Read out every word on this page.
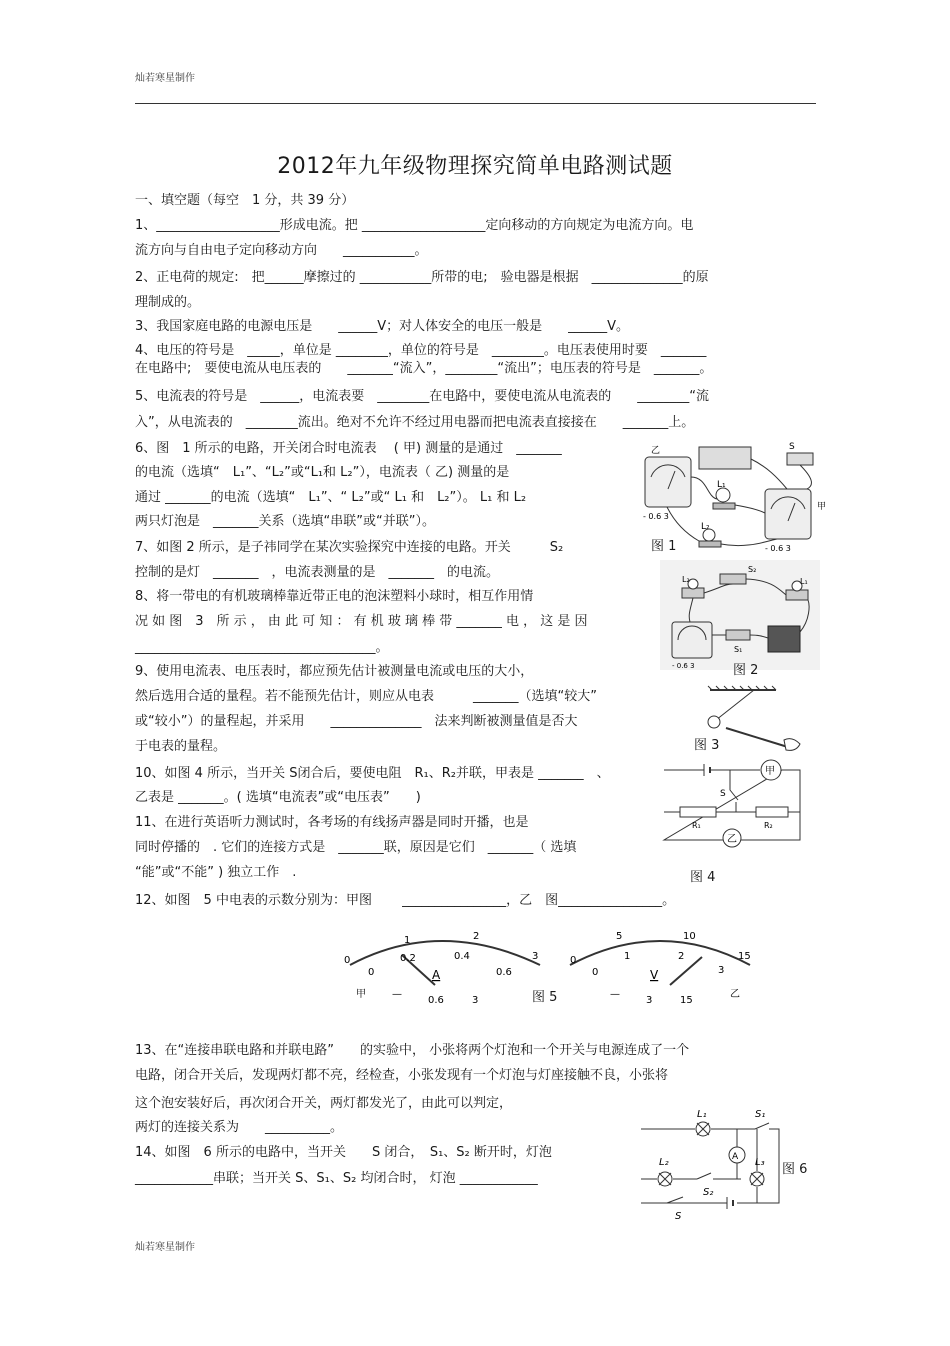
灿若寒星制作
2012年九年级物理探究简单电路测试题
一、填空题（每空　1 分，共 39 分）
1、___________________形成电流。把 ___________________定向移动的方向规定为电流方向。电
流方向与自由电子定向移动方向　　___________。
2、正电荷的规定:　把______摩擦过的 ___________所带的电;　验电器是根据　______________的原
理制成的。
3、我国家庭电路的电源电压是　　______V；对人体安全的电压一般是　　______V。
4、电压的符号是　_____，单位是 ________，单位的符号是　________。电压表使用时要　_______
在电路中;　要使电流从电压表的　　_______“流入”，________“流出”；电压表的符号是　_______。
5、电流表的符号是　______，电流表要　________在电路中，要使电流从电流表的　　________“流
入”，从电流表的　________流出。绝对不允许不经过用电器而把电流表直接接在　　_______上。
6、图　1 所示的电路，开关闭合时电流表　 ( 甲) 测量的是通过　_______
的电流（选填“　L₁”、“L₂”或“L₁和 L₂”），电流表（ 乙) 测量的是
通过 _______的电流（选填“　L₁”、“ L₂”或“ L₁ 和　L₂”）。 L₁ 和 L₂
两只灯泡是　_______关系（选填“串联”或“并联”）。
7、如图 2 所示，是子祎同学在某次实验探究中连接的电路。开关　　　S₂
控制的是灯　_______　，电流表测量的是　_______　的电流。
8、将一带电的有机玻璃棒靠近带正电的泡沫塑料小球时，相互作用情
况 如 图　3　所 示 ， 由 此 可 知 ： 有 机 玻 璃 棒 带 _______ 电 ， 这 是 因
_____________________________________。
9、使用电流表、电压表时，都应预先估计被测量电流或电压的大小，
然后选用合适的量程。若不能预先估计，则应从电表　　　_______（选填“较大”
或“较小”）的量程起，并采用　　______________　法来判断被测量值是否大
于电表的量程。
10、如图 4 所示，当开关 S闭合后，要使电阻　R₁、R₂并联，甲表是 _______　、
乙表是 _______。( 选填“电流表”或“电压表”　　)
11、在进行英语听力测试时，各考场的有线扬声器是同时开播，也是
同时停播的　. 它们的连接方式是　_______联，原因是它们　_______（ 选填
“能”或“不能” ) 独立工作　.
12、如图　5 中电表的示数分别为：甲图　　 ________________，乙　图________________。
13、在“连接串联电路和并联电路”　　的实验中， 小张将两个灯泡和一个开关与电源连成了一个
电路，闭合开关后，发现两灯都不亮，经检查，小张发现有一个灯泡与灯座接触不良，小张将
这个泡安装好后，再次闭合开关，两灯都发光了，由此可以判定，
两灯的连接关系为　　__________。
14、如图　6 所示的电路中，当开关　　S 闭合，　S₁、S₂ 断开时，灯泡
____________串联；当开关 S、S₁、S₂ 均闭合时， 灯泡 ____________
L₁
L₂
S
乙
甲
- 0.6 3
- 0.6 3
图 1
L₂	L₁
S₂
S₁
- 0.6 3	图 2
图 3
甲
S
R₁	R₂
乙
图 4
0
1	2
3
0
0.2	0.4
0.6
A
甲	—
0.6	3
0
5	10
15
0
1	2
3
V
—
3	15
乙
图 5
L₁	S₁
L₂
S₂
A L₃
S
图 6
灿若寒星制作
